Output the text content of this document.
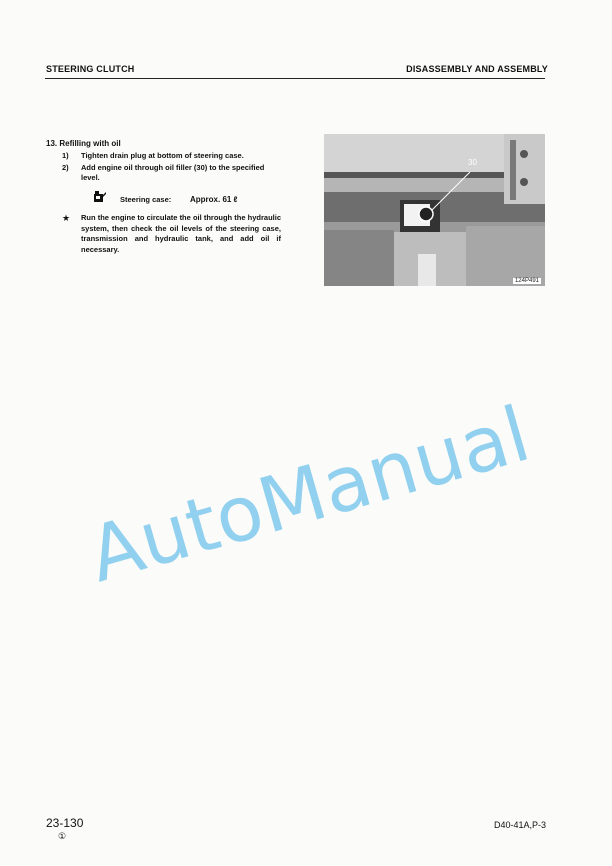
STEERING CLUTCH	DISASSEMBLY AND ASSEMBLY
13. Refilling with oil
1) Tighten drain plug at bottom of steering case.
2) Add engine oil through oil filler (30) to the specified level.
Steering case: Approx. 61 ℓ
★ Run the engine to circulate the oil through the hydraulic system, then check the oil levels of the steering case, transmission and hydraulic tank, and add oil if necessary.
30
124P491
AutoManual
23-130
①
D40-41A,P-3
